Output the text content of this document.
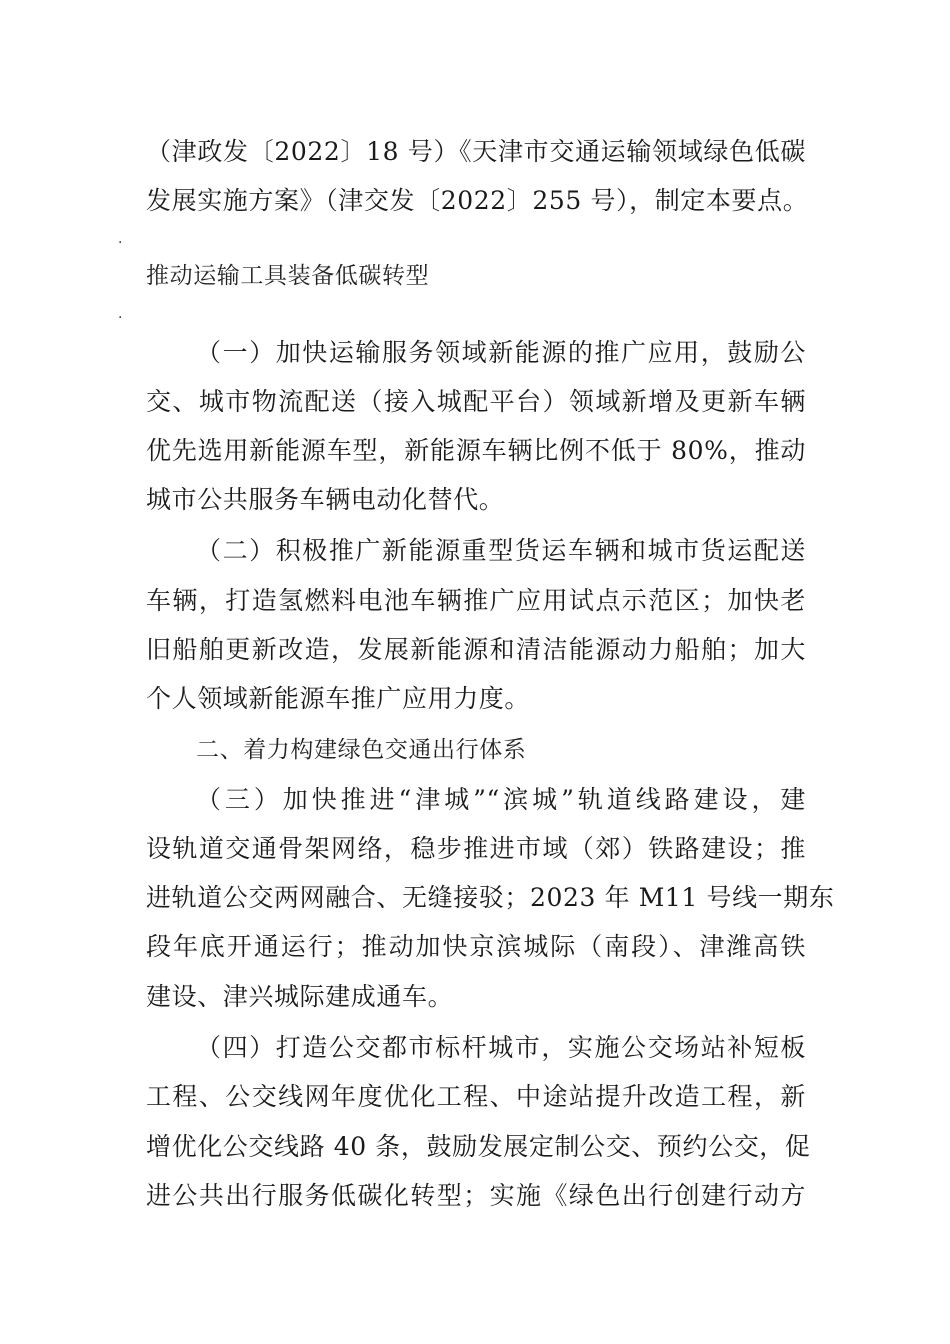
（津政发〔2022〕18 号）《天津市交通运输领域绿色低碳
发展实施方案》（津交发〔2022〕255 号），制定本要点。
·
推动运输工具装备低碳转型
·
（一）加快运输服务领域新能源的推广应用，鼓励公
交、城市物流配送（接入城配平台）领域新增及更新车辆
优先选用新能源车型，新能源车辆比例不低于 80%，推动
城市公共服务车辆电动化替代。
（二）积极推广新能源重型货运车辆和城市货运配送
车辆，打造氢燃料电池车辆推广应用试点示范区；加快老
旧船舶更新改造，发展新能源和清洁能源动力船舶；加大
个人领域新能源车推广应用力度。
二、着力构建绿色交通出行体系
（三）加快推进“津城”“滨城”轨道线路建设，建
设轨道交通骨架网络，稳步推进市域（郊）铁路建设；推
进轨道公交两网融合、无缝接驳；2023 年 M11 号线一期东
段年底开通运行；推动加快京滨城际（南段）、津潍高铁
建设、津兴城际建成通车。
（四）打造公交都市标杆城市，实施公交场站补短板
工程、公交线网年度优化工程、中途站提升改造工程，新
增优化公交线路 40 条，鼓励发展定制公交、预约公交，促
进公共出行服务低碳化转型；实施《绿色出行创建行动方
